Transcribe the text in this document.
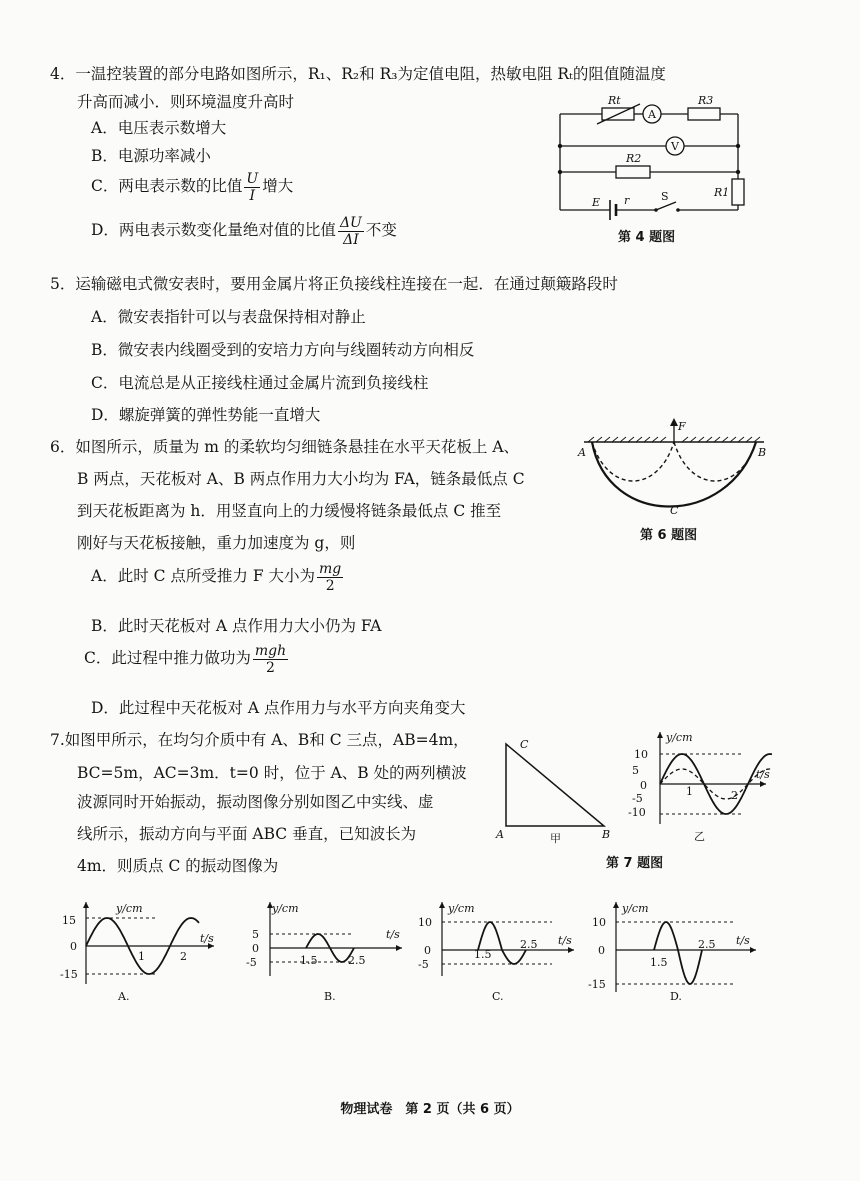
4．一温控装置的部分电路如图所示，R₁、R₂和 R₃为定值电阻，热敏电阻 Rₜ的阻值随温度
升高而减小．则环境温度升高时
A．电压表示数增大
B．电源功率减小
C．两电表示数的比值 $\frac{U}{I}$ 增大
D．两电表示数变化量绝对值的比值 $\frac{\Delta U}{\Delta I}$ 不变
Rt
A
R3
V
R2
E r	S	R1
第 4 题图
5．运输磁电式微安表时，要用金属片将正负接线柱连接在一起．在通过颠簸路段时
A．微安表指针可以与表盘保持相对静止
B．微安表内线圈受到的安培力方向与线圈转动方向相反
C．电流总是从正接线柱通过金属片流到负接线柱
D．螺旋弹簧的弹性势能一直增大
6．如图所示，质量为 m 的柔软均匀细链条悬挂在水平天花板上 A、
B 两点，天花板对 A、B 两点作用力大小均为 FA，链条最低点 C
到天花板距离为 h．用竖直向上的力缓慢将链条最低点 C 推至
刚好与天花板接触，重力加速度为 g，则
A．此时 C 点所受推力 F 大小为 $\frac{mg}{2}$
B．此时天花板对 A 点作用力大小仍为 FA
C．此过程中推力做功为 $\frac{\text{mgh}}{2}$
D．此过程中天花板对 A 点作用力与水平方向夹角变大
F
A	B
C
第 6 题图
7.如图甲所示，在均匀介质中有 A、B和 C 三点，AB=4m，
BC=5m，AC=3m．t=0 时，位于 A、B 处的两列横波
波源同时开始振动，振动图像分别如图乙中实线、虚
线所示，振动方向与平面 ABC 垂直，已知波长为
4m．则质点 C 的振动图像为
C
A	B
甲
y/cm
t/s
10
5
0
-5
-10
1	2
乙
第 7 题图
A.
y/cm
t/s
15
0
-15
1	2
B.
y/cm
t/s
5
0
-5	1.5	2.5
C.
y/cm
t/s
10
0
-5
1.5
2.5
D.
y/cm
t/s
10
0
-15
1.5
2.5
物理试卷　第 2 页（共 6 页）
